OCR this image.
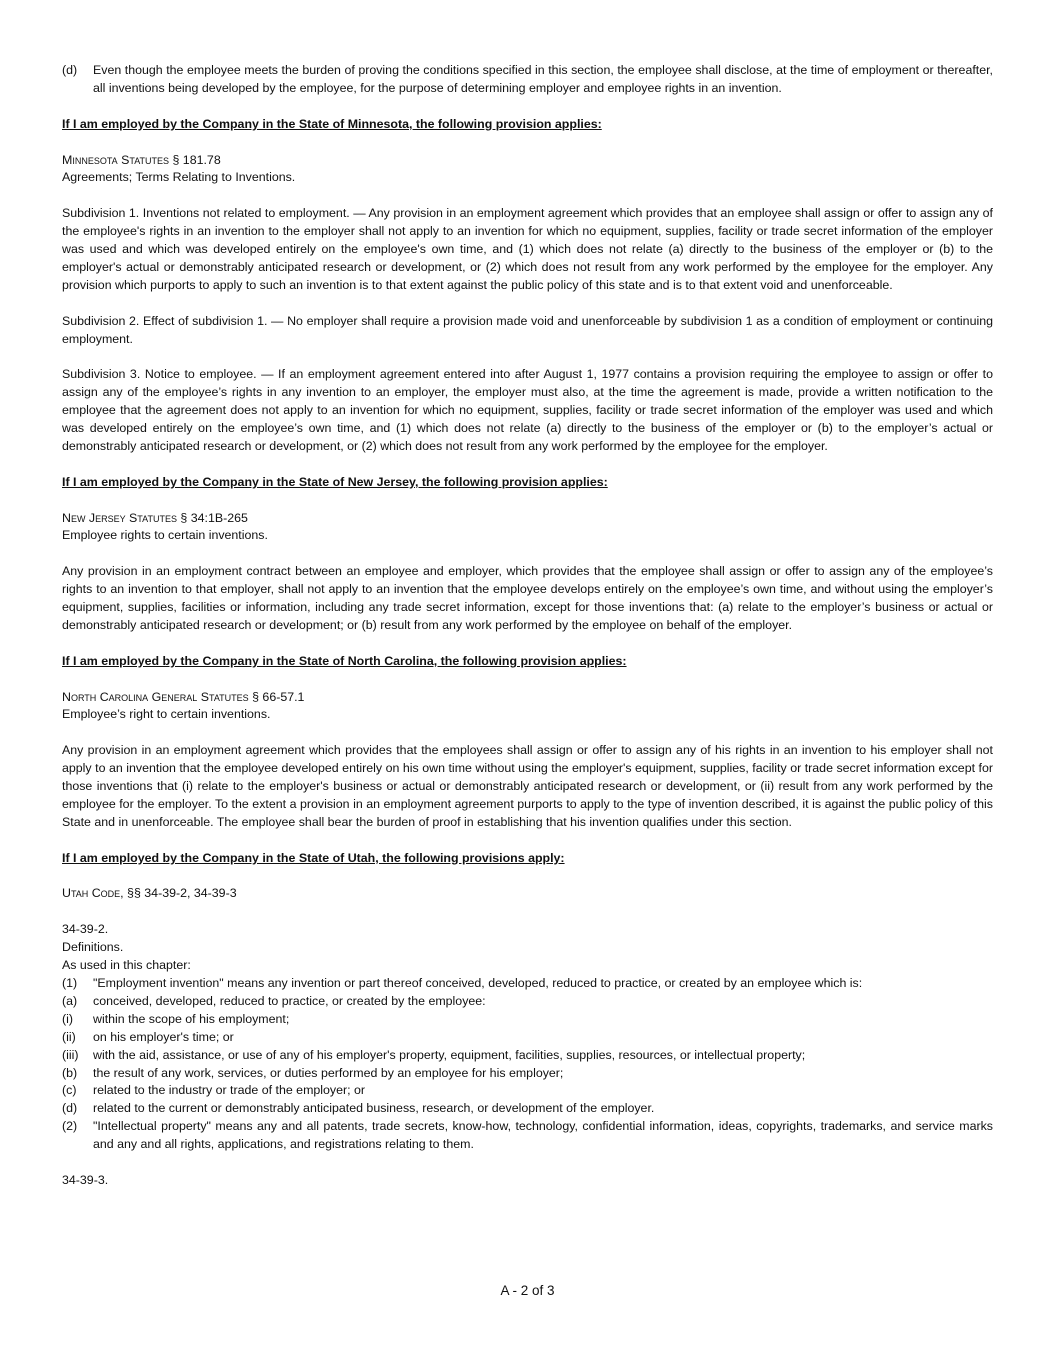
(d)	Even though the employee meets the burden of proving the conditions specified in this section, the employee shall disclose, at the time of employment or thereafter, all inventions being developed by the employee, for the purpose of determining employer and employee rights in an invention.

If I am employed by the Company in the State of Minnesota, the following provision applies:

Minnesota Statutes § 181.78

Agreements; Terms Relating to Inventions.

Subdivision 1. Inventions not related to employment. — Any provision in an employment agreement which provides that an employee shall assign or offer to assign any of the employee's rights in an invention to the employer shall not apply to an invention for which no equipment, supplies, facility or trade secret information of the employer was used and which was developed entirely on the employee's own time, and (1) which does not relate (a) directly to the business of the employer or (b) to the employer's actual or demonstrably anticipated research or development, or (2) which does not result from any work performed by the employee for the employer. Any provision which purports to apply to such an invention is to that extent against the public policy of this state and is to that extent void and unenforceable.

Subdivision 2. Effect of subdivision 1. — No employer shall require a provision made void and unenforceable by subdivision 1 as a condition of employment or continuing employment.

Subdivision 3. Notice to employee. — If an employment agreement entered into after August 1, 1977 contains a provision requiring the employee to assign or offer to assign any of the employee’s rights in any invention to an employer, the employer must also, at the time the agreement is made, provide a written notification to the employee that the agreement does not apply to an invention for which no equipment, supplies, facility or trade secret information of the employer was used and which was developed entirely on the employee’s own time, and (1) which does not relate (a) directly to the business of the employer or (b) to the employer’s actual or demonstrably anticipated research or development, or (2) which does not result from any work performed by the employee for the employer.

If I am employed by the Company in the State of New Jersey, the following provision applies:

New Jersey Statutes § 34:1B-265

Employee rights to certain inventions.

Any provision in an employment contract between an employee and employer, which provides that the employee shall assign or offer to assign any of the employee’s rights to an invention to that employer, shall not apply to an invention that the employee develops entirely on the employee’s own time, and without using the employer’s equipment, supplies, facilities or information, including any trade secret information, except for those inventions that: (a) relate to the employer’s business or actual or demonstrably anticipated research or development; or (b) result from any work performed by the employee on behalf of the employer.

If I am employed by the Company in the State of North Carolina, the following provision applies:

North Carolina General Statutes § 66-57.1

Employee’s right to certain inventions.

Any provision in an employment agreement which provides that the employees shall assign or offer to assign any of his rights in an invention to his employer shall not apply to an invention that the employee developed entirely on his own time without using the employer's equipment, supplies, facility or trade secret information except for those inventions that (i) relate to the employer's business or actual or demonstrably anticipated research or development, or (ii) result from any work performed by the employee for the employer. To the extent a provision in an employment agreement purports to apply to the type of invention described, it is against the public policy of this State and in unenforceable. The employee shall bear the burden of proof in establishing that his invention qualifies under this section.

If I am employed by the Company in the State of Utah, the following provisions apply:

Utah Code, §§ 34-39-2, 34-39-3

34-39-2.

Definitions.

As used in this chapter:

(1)	"Employment invention" means any invention or part thereof conceived, developed, reduced to practice, or created by an employee which is:
(a)	conceived, developed, reduced to practice, or created by the employee:
(i)	within the scope of his employment;
(ii)	on his employer's time; or
(iii)	with the aid, assistance, or use of any of his employer's property, equipment, facilities, supplies, resources, or intellectual property;
(b)	the result of any work, services, or duties performed by an employee for his employer;
(c)	related to the industry or trade of the employer; or
(d)	related to the current or demonstrably anticipated business, research, or development of the employer.
(2)	"Intellectual property" means any and all patents, trade secrets, know-how, technology, confidential information, ideas, copyrights, trademarks, and service marks and any and all rights, applications, and registrations relating to them.

34-39-3.

A - 2 of 3
